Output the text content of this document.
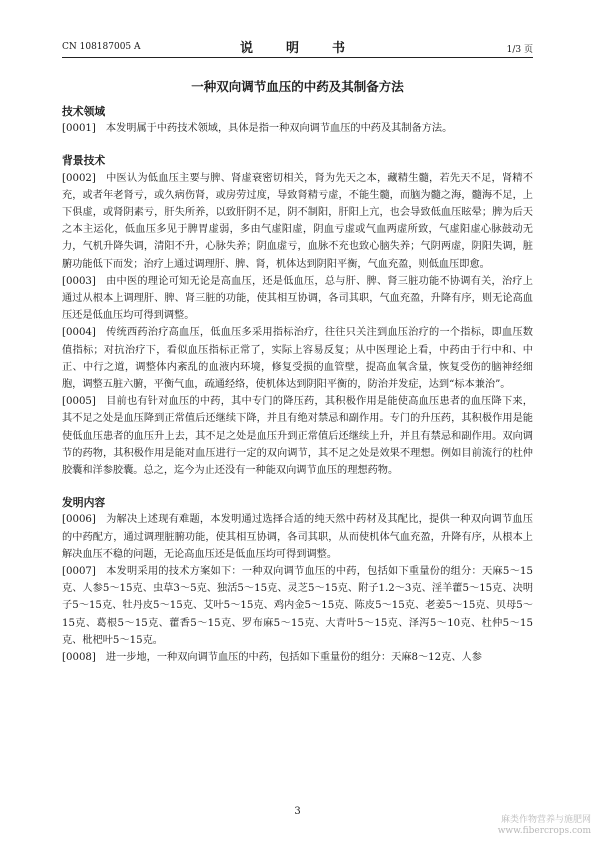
CN 108187005 A	说　明　书	1/3 页
一种双向调节血压的中药及其制备方法
技术领域
[0001] 本发明属于中药技术领域，具体是指一种双向调节血压的中药及其制备方法。
背景技术
[0002] 中医认为低血压主要与脾、肾虚衰密切相关，肾为先天之本，藏精生髓，若先天不足，肾精不充，或者年老肾亏，或久病伤肾，或房劳过度，导致肾精亏虚，不能生髓，而脑为髓之海，髓海不足，上下俱虚，或肾阴素亏，肝失所养，以致肝阴不足，阴不制阳，肝阳上亢，也会导致低血压眩晕；脾为后天之本主运化，低血压多见于脾胃虚弱，多由气虚阳虚，阴血亏虚或气血两虚所致，气虚阳虚心脉鼓动无力，气机升降失调，清阳不升，心脉失养；阴血虚亏，血脉不充也致心脑失养；气阴两虚，阴阳失调，脏腑功能低下而发；治疗上通过调理肝、脾、肾，机体达到阴阳平衡，气血充盈，则低血压即愈。
[0003] 由中医的理论可知无论是高血压，还是低血压，总与肝、脾、肾三脏功能不协调有关，治疗上通过从根本上调理肝、脾、肾三脏的功能，使其相互协调，各司其职，气血充盈，升降有序，则无论高血压还是低血压均可得到调整。
[0004] 传统西药治疗高血压，低血压多采用指标治疗，往往只关注到血压治疗的一个指标，即血压数值指标；对抗治疗下，看似血压指标正常了，实际上容易反复；从中医理论上看，中药由于行中和、中正、中行之道，调整体内紊乱的血液内环境，修复受损的血管壁，提高血氧含量，恢复受伤的脑神经细胞，调整五脏六腑，平衡气血，疏通经络，使机体达到阴阳平衡的，防治并发症，达到“标本兼治”。
[0005] 目前也有针对血压的中药，其中专门的降压药，其积极作用是能使高血压患者的血压降下来，其不足之处是血压降到正常值后还继续下降，并且有绝对禁忌和副作用。专门的升压药，其积极作用是能使低血压患者的血压升上去，其不足之处是血压升到正常值后还继续上升，并且有禁忌和副作用。双向调节的药物，其积极作用是能对血压进行一定的双向调节，其不足之处是效果不理想。例如目前流行的杜仲胶囊和洋参胶囊。总之，迄今为止还没有一种能双向调节血压的理想药物。
发明内容
[0006] 为解决上述现有难题，本发明通过选择合适的纯天然中药材及其配比，提供一种双向调节血压的中药配方，通过调理脏腑功能，使其相互协调，各司其职，从而使机体气血充盈，升降有序，从根本上解决血压不稳的问题，无论高血压还是低血压均可得到调整。
[0007] 本发明采用的技术方案如下：一种双向调节血压的中药，包括如下重量份的组分：天麻5～15克、人参5～15克、虫草3～5克、独活5～15克、灵芝5～15克、附子1.2～3克、淫羊藿5～15克、决明子5～15克、牡丹皮5～15克、艾叶5～15克、鸡内金5～15克、陈皮5～15克、老姜5～15克、贝母5～15克、葛根5～15克、藿香5～15克、罗布麻5～15克、大青叶5～15克、泽泻5～10克、杜仲5～15克、枇杷叶5～15克。
[0008] 进一步地，一种双向调节血压的中药，包括如下重量份的组分：天麻8～12克、人参
3
麻类作物营养与施肥网
www.fibercrops.com
